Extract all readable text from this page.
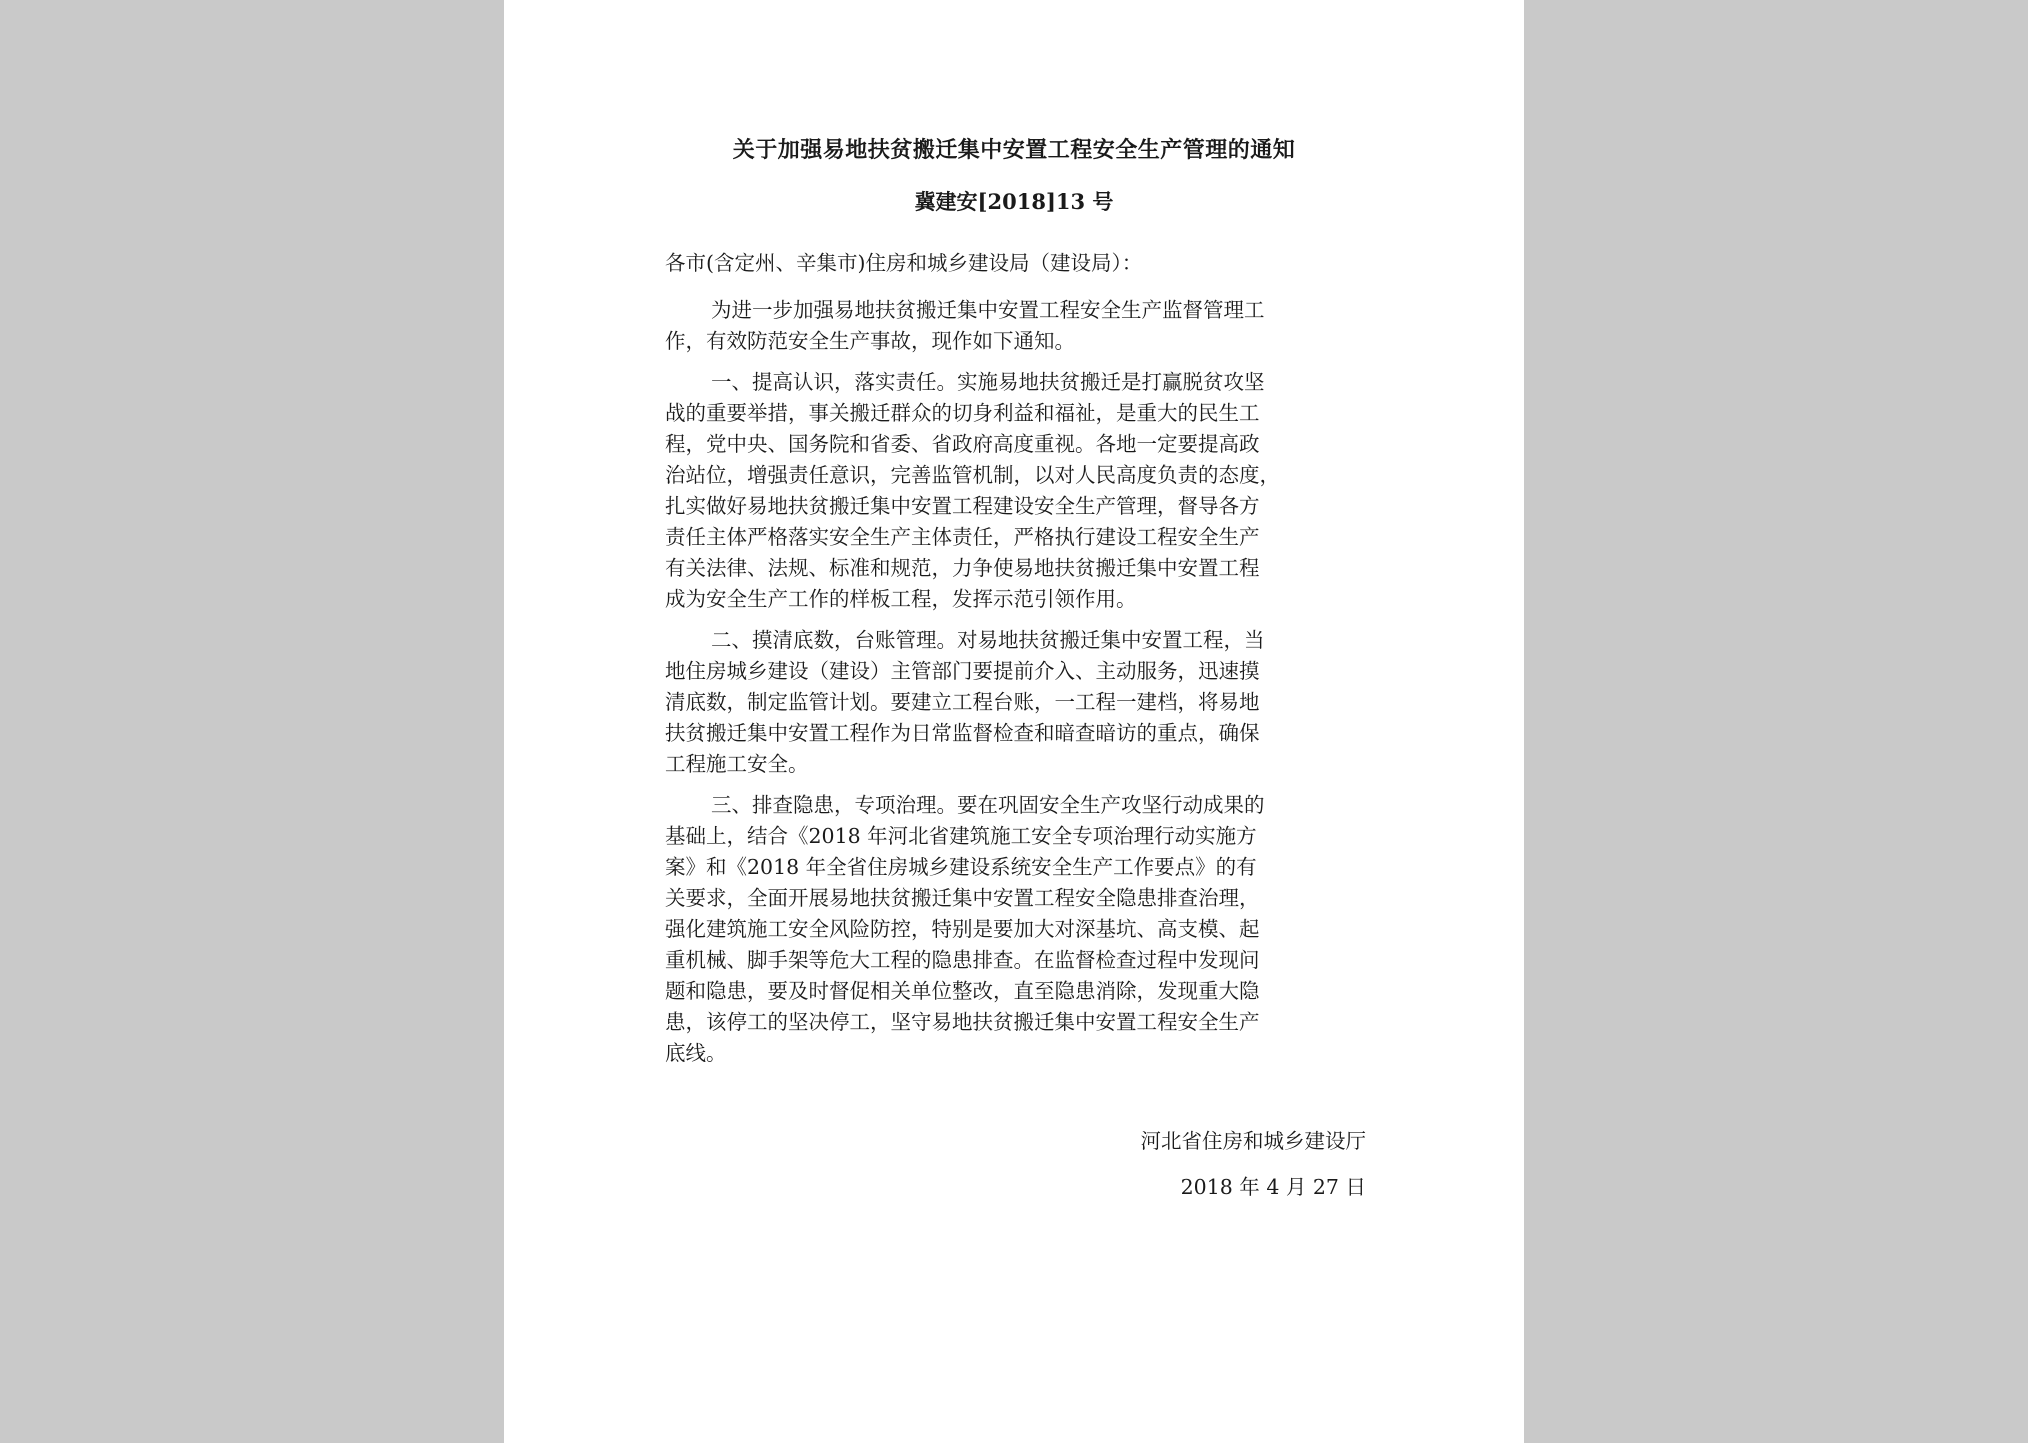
关于加强易地扶贫搬迁集中安置工程安全生产管理的通知
冀建安[2018]13 号
各市(含定州、辛集市)住房和城乡建设局（建设局）：
为进一步加强易地扶贫搬迁集中安置工程安全生产监督管理工
作，有效防范安全生产事故，现作如下通知。
一、提高认识，落实责任。实施易地扶贫搬迁是打赢脱贫攻坚
战的重要举措，事关搬迁群众的切身利益和福祉，是重大的民生工
程，党中央、国务院和省委、省政府高度重视。各地一定要提高政
治站位，增强责任意识，完善监管机制，以对人民高度负责的态度，
扎实做好易地扶贫搬迁集中安置工程建设安全生产管理，督导各方
责任主体严格落实安全生产主体责任，严格执行建设工程安全生产
有关法律、法规、标准和规范，力争使易地扶贫搬迁集中安置工程
成为安全生产工作的样板工程，发挥示范引领作用。
二、摸清底数，台账管理。对易地扶贫搬迁集中安置工程，当
地住房城乡建设（建设）主管部门要提前介入、主动服务，迅速摸
清底数，制定监管计划。要建立工程台账，一工程一建档，将易地
扶贫搬迁集中安置工程作为日常监督检查和暗查暗访的重点，确保
工程施工安全。
三、排查隐患，专项治理。要在巩固安全生产攻坚行动成果的
基础上，结合《2018 年河北省建筑施工安全专项治理行动实施方
案》和《2018 年全省住房城乡建设系统安全生产工作要点》的有
关要求，全面开展易地扶贫搬迁集中安置工程安全隐患排查治理，
强化建筑施工安全风险防控，特别是要加大对深基坑、高支模、起
重机械、脚手架等危大工程的隐患排查。在监督检查过程中发现问
题和隐患，要及时督促相关单位整改，直至隐患消除，发现重大隐
患，该停工的坚决停工，坚守易地扶贫搬迁集中安置工程安全生产
底线。
河北省住房和城乡建设厅
2018 年 4 月 27 日
